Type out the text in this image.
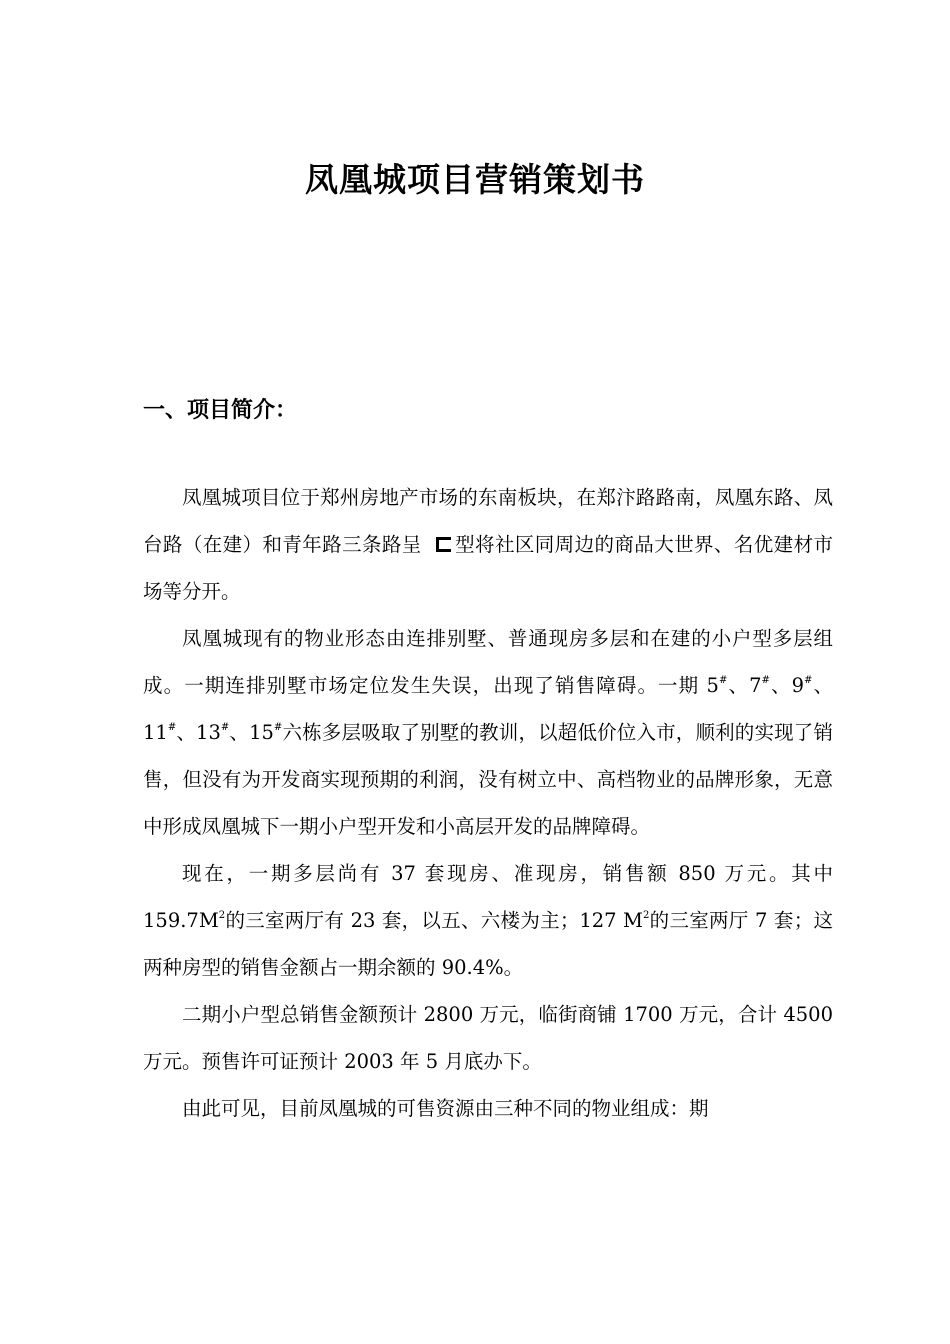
凤凰城项目营销策划书
一、项目简介：

凤凰城项目位于郑州房地产市场的东南板块，在郑汴路路南，凤凰东路、凤台路（在建）和青年路三条路呈 型将社区同周边的商品大世界、名优建材市场等分开。

凤凰城现有的物业形态由连排别墅、普通现房多层和在建的小户型多层组成。一期连排别墅市场定位发生失误，出现了销售障碍。一期 5#、7#、9#、11#、13#、15#六栋多层吸取了别墅的教训，以超低价位入市，顺利的实现了销售，但没有为开发商实现预期的利润，没有树立中、高档物业的品牌形象，无意中形成凤凰城下一期小户型开发和小高层开发的品牌障碍。

现在，一期多层尚有 37 套现房、准现房，销售额 850 万元。其中 $159.7M^2$的三室两厅有 23 套，以五、六楼为主；127 $M^2$的三室两厅 7 套；这两种房型的销售金额占一期余额的 90.4%。

二期小户型总销售金额预计 2800 万元，临街商铺 1700 万元，合计 4500 万元。预售许可证预计 2003 年 5 月底办下。

由此可见，目前凤凰城的可售资源由三种不同的物业组成：期
